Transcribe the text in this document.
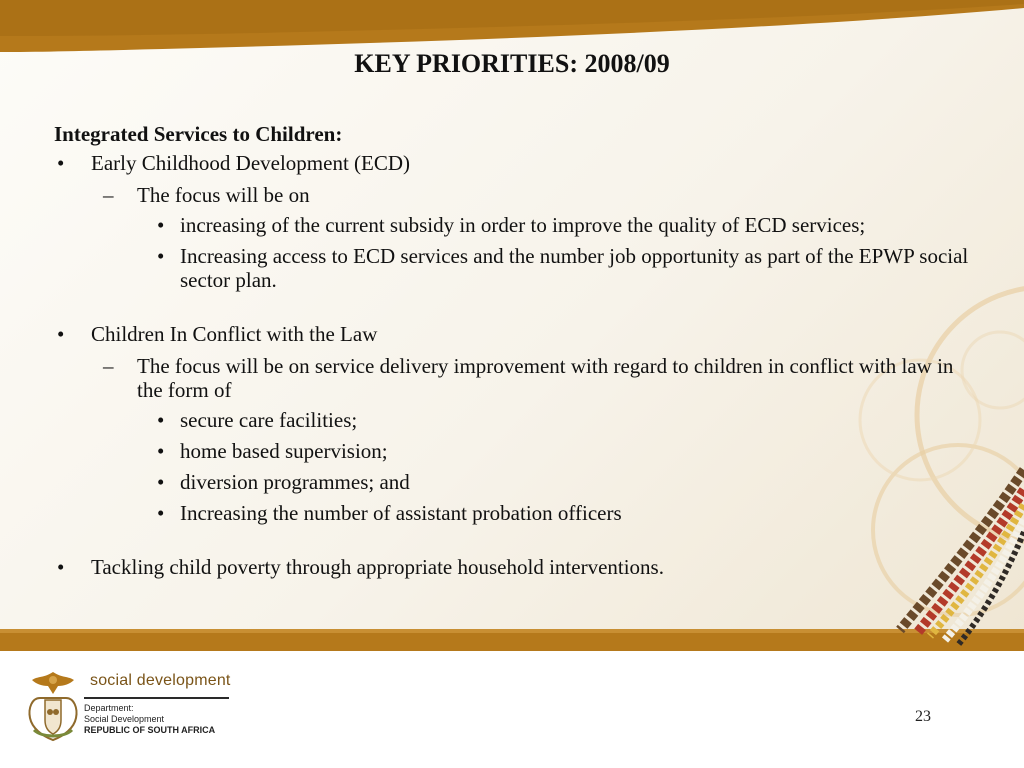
KEY PRIORITIES: 2008/09
Integrated Services to Children:
• Early Childhood Development (ECD)
– The focus will be on
• increasing of the current subsidy in order to improve the quality of ECD services;
• Increasing access to ECD services and the number job opportunity as part of the EPWP social sector plan.
• Children In Conflict with the Law
– The focus will be on service delivery improvement with regard to children in conflict with law in the form of
• secure care facilities;
• home based supervision;
• diversion programmes; and
• Increasing the number of assistant probation officers
• Tackling child poverty through appropriate household interventions.
social development
Department:
Social Development
REPUBLIC OF SOUTH AFRICA
23
